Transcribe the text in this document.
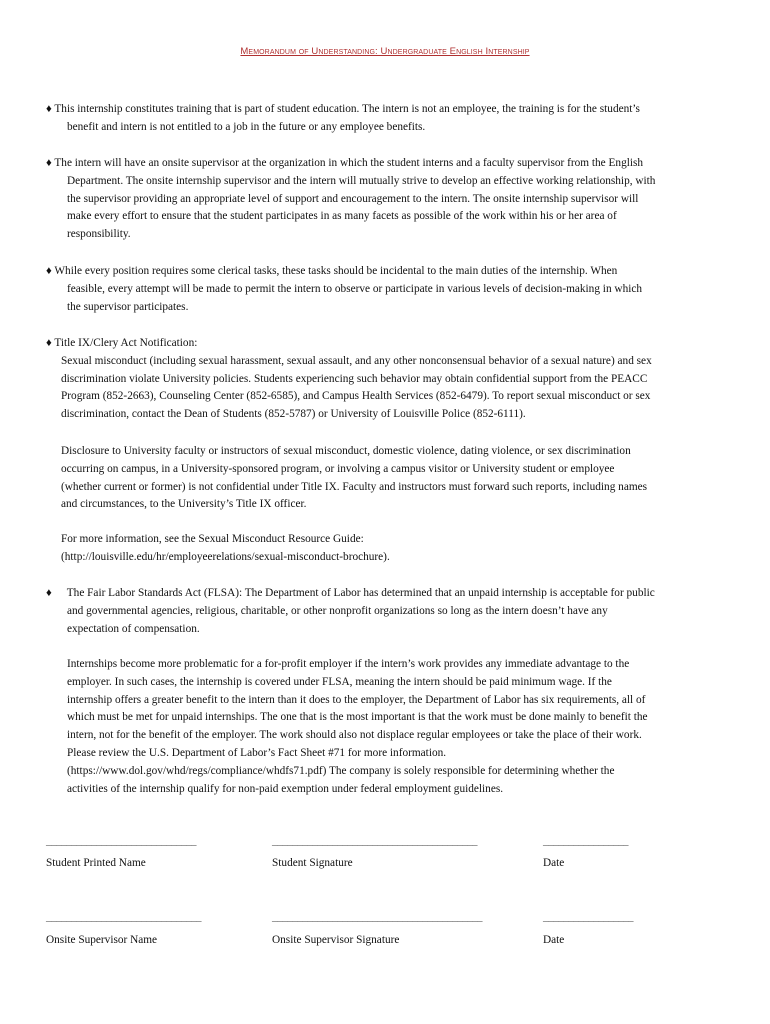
Memorandum of Understanding: Undergraduate English Internship
♦ This internship constitutes training that is part of student education. The intern is not an employee, the training is for the student’s
benefit and intern is not entitled to a job in the future or any employee benefits.
♦ The intern will have an onsite supervisor at the organization in which the student interns and a faculty supervisor from the English
Department. The onsite internship supervisor and the intern will mutually strive to develop an effective working relationship, with
the supervisor providing an appropriate level of support and encouragement to the intern. The onsite internship supervisor will
make every effort to ensure that the student participates in as many facets as possible of the work within his or her area of
responsibility.
♦ While every position requires some clerical tasks, these tasks should be incidental to the main duties of the internship. When
feasible, every attempt will be made to permit the intern to observe or participate in various levels of decision-making in which
the supervisor participates.
♦ Title IX/Clery Act Notification:
Sexual misconduct (including sexual harassment, sexual assault, and any other nonconsensual behavior of a sexual nature) and sex
discrimination violate University policies. Students experiencing such behavior may obtain confidential support from the PEACC
Program (852-2663), Counseling Center (852-6585), and Campus Health Services (852-6479). To report sexual misconduct or sex
discrimination, contact the Dean of Students (852-5787) or University of Louisville Police (852-6111).
Disclosure to University faculty or instructors of sexual misconduct, domestic violence, dating violence, or sex discrimination
occurring on campus, in a University-sponsored program, or involving a campus visitor or University student or employee
(whether current or former) is not confidential under Title IX. Faculty and instructors must forward such reports, including names
and circumstances, to the University’s Title IX officer.
For more information, see the Sexual Misconduct Resource Guide:
(http://louisville.edu/hr/employeerelations/sexual-misconduct-brochure).
♦ The Fair Labor Standards Act (FLSA): The Department of Labor has determined that an unpaid internship is acceptable for public
and governmental agencies, religious, charitable, or other nonprofit organizations so long as the intern doesn’t have any
expectation of compensation.
Internships become more problematic for a for-profit employer if the intern’s work provides any immediate advantage to the
employer. In such cases, the internship is covered under FLSA, meaning the intern should be paid minimum wage. If the
internship offers a greater benefit to the intern than it does to the employer, the Department of Labor has six requirements, all of
which must be met for unpaid internships. The one that is the most important is that the work must be done mainly to benefit the
intern, not for the benefit of the employer. The work should also not displace regular employees or take the place of their work.
Please review the U.S. Department of Labor’s Fact Sheet #71 for more information.
(https://www.dol.gov/whd/regs/compliance/whdfs71.pdf) The company is solely responsible for determining whether the
activities of the internship qualify for non-paid exemption under federal employment guidelines.
______________________________	_________________________________________	_________________
Student Printed Name	Student Signature	Date
_______________________________	__________________________________________	__________________
Onsite Supervisor Name	Onsite Supervisor Signature	Date
